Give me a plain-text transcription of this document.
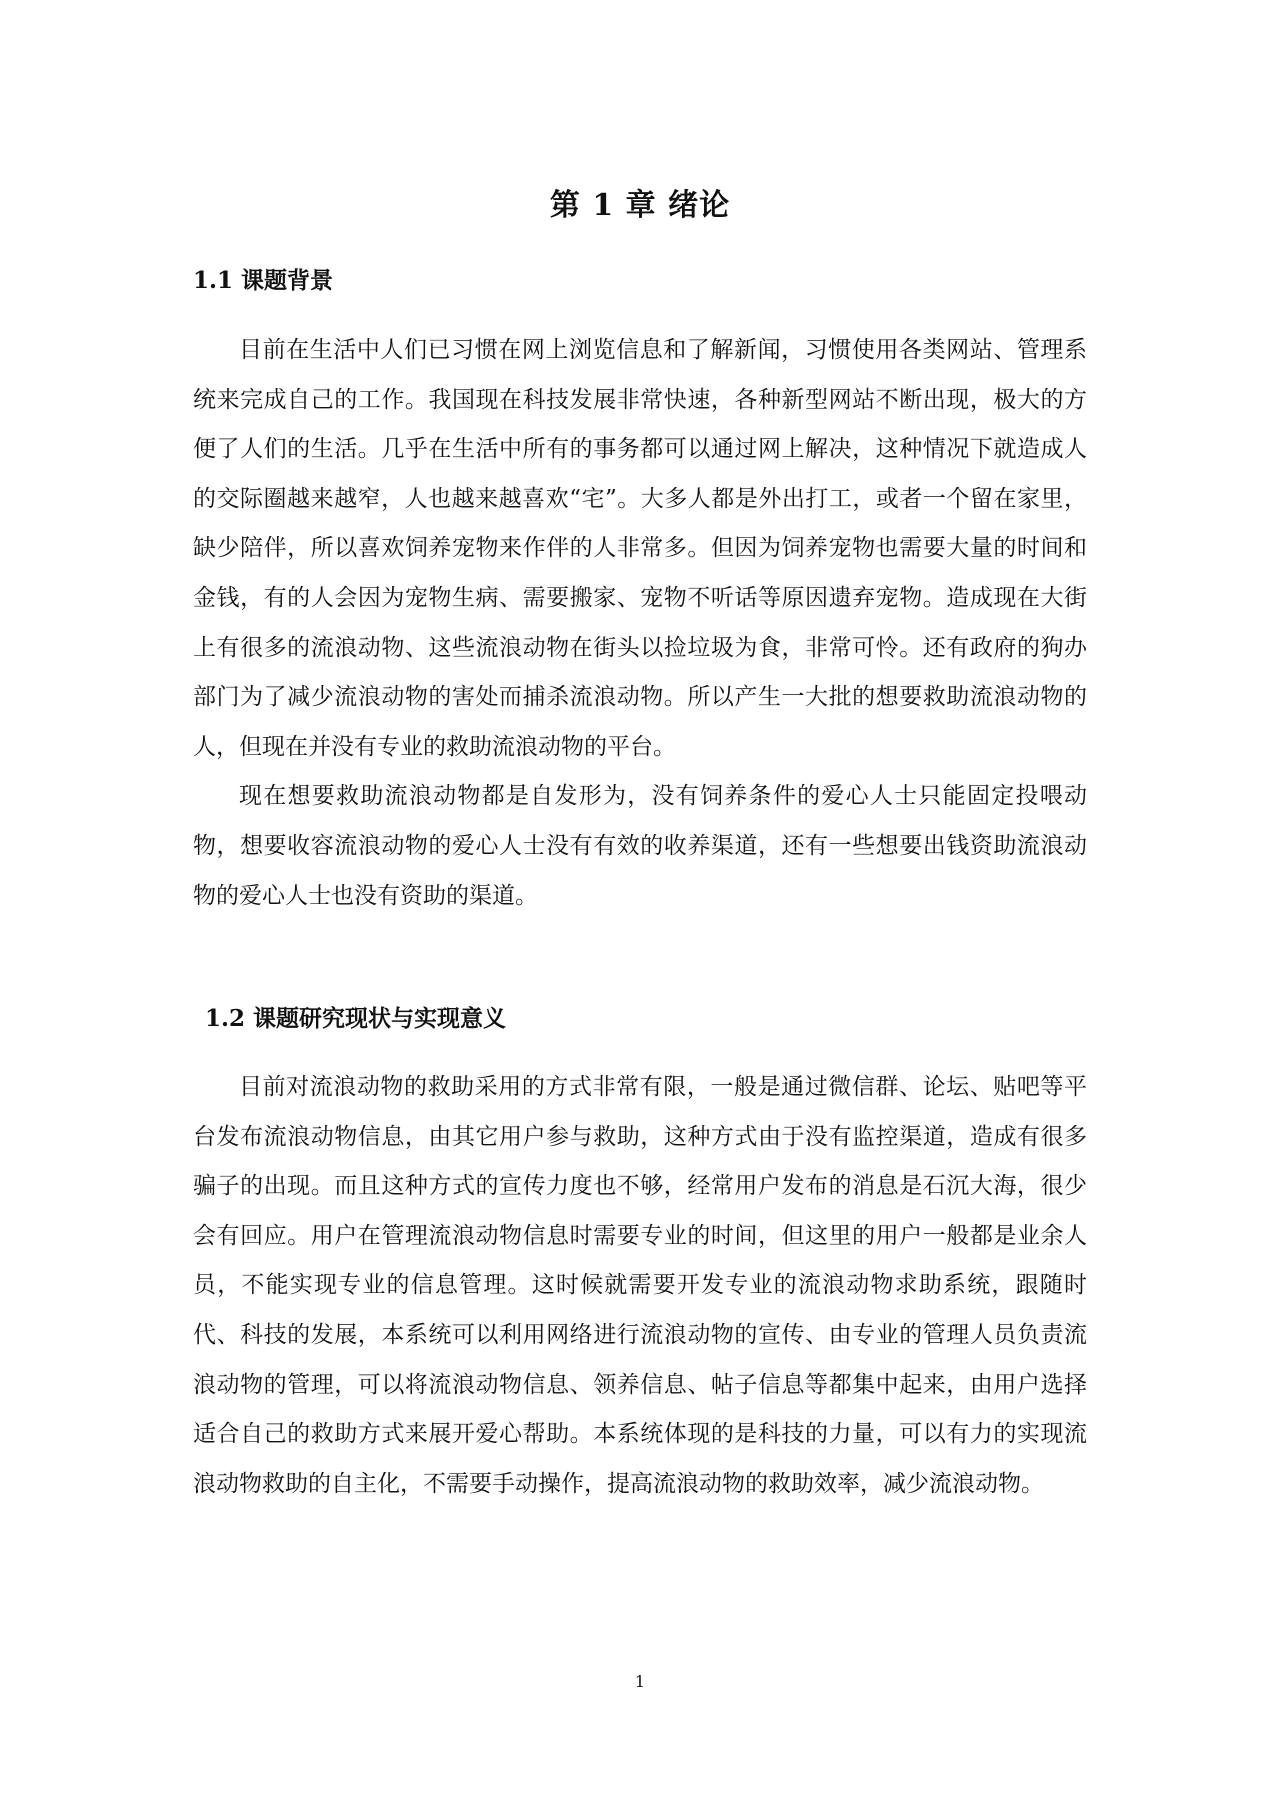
第 1 章 绪论
1.1 课题背景

目前在生活中人们已习惯在网上浏览信息和了解新闻，习惯使用各类网站、管理系统来完成自己的工作。我国现在科技发展非常快速，各种新型网站不断出现，极大的方便了人们的生活。几乎在生活中所有的事务都可以通过网上解决，这种情况下就造成人的交际圈越来越窄，人也越来越喜欢“宅”。大多人都是外出打工，或者一个留在家里，缺少陪伴，所以喜欢饲养宠物来作伴的人非常多。但因为饲养宠物也需要大量的时间和金钱，有的人会因为宠物生病、需要搬家、宠物不听话等原因遗弃宠物。造成现在大街上有很多的流浪动物、这些流浪动物在街头以捡垃圾为食，非常可怜。还有政府的狗办部门为了减少流浪动物的害处而捕杀流浪动物。所以产生一大批的想要救助流浪动物的人，但现在并没有专业的救助流浪动物的平台。

现在想要救助流浪动物都是自发形为，没有饲养条件的爱心人士只能固定投喂动物，想要收容流浪动物的爱心人士没有有效的收养渠道，还有一些想要出钱资助流浪动物的爱心人士也没有资助的渠道。

1.2 课题研究现状与实现意义

目前对流浪动物的救助采用的方式非常有限，一般是通过微信群、论坛、贴吧等平台发布流浪动物信息，由其它用户参与救助，这种方式由于没有监控渠道，造成有很多骗子的出现。而且这种方式的宣传力度也不够，经常用户发布的消息是石沉大海，很少会有回应。用户在管理流浪动物信息时需要专业的时间，但这里的用户一般都是业余人员，不能实现专业的信息管理。这时候就需要开发专业的流浪动物求助系统，跟随时代、科技的发展，本系统可以利用网络进行流浪动物的宣传、由专业的管理人员负责流浪动物的管理，可以将流浪动物信息、领养信息、帖子信息等都集中起来，由用户选择适合自己的救助方式来展开爱心帮助。本系统体现的是科技的力量，可以有力的实现流浪动物救助的自主化，不需要手动操作，提高流浪动物的救助效率，减少流浪动物。

1
